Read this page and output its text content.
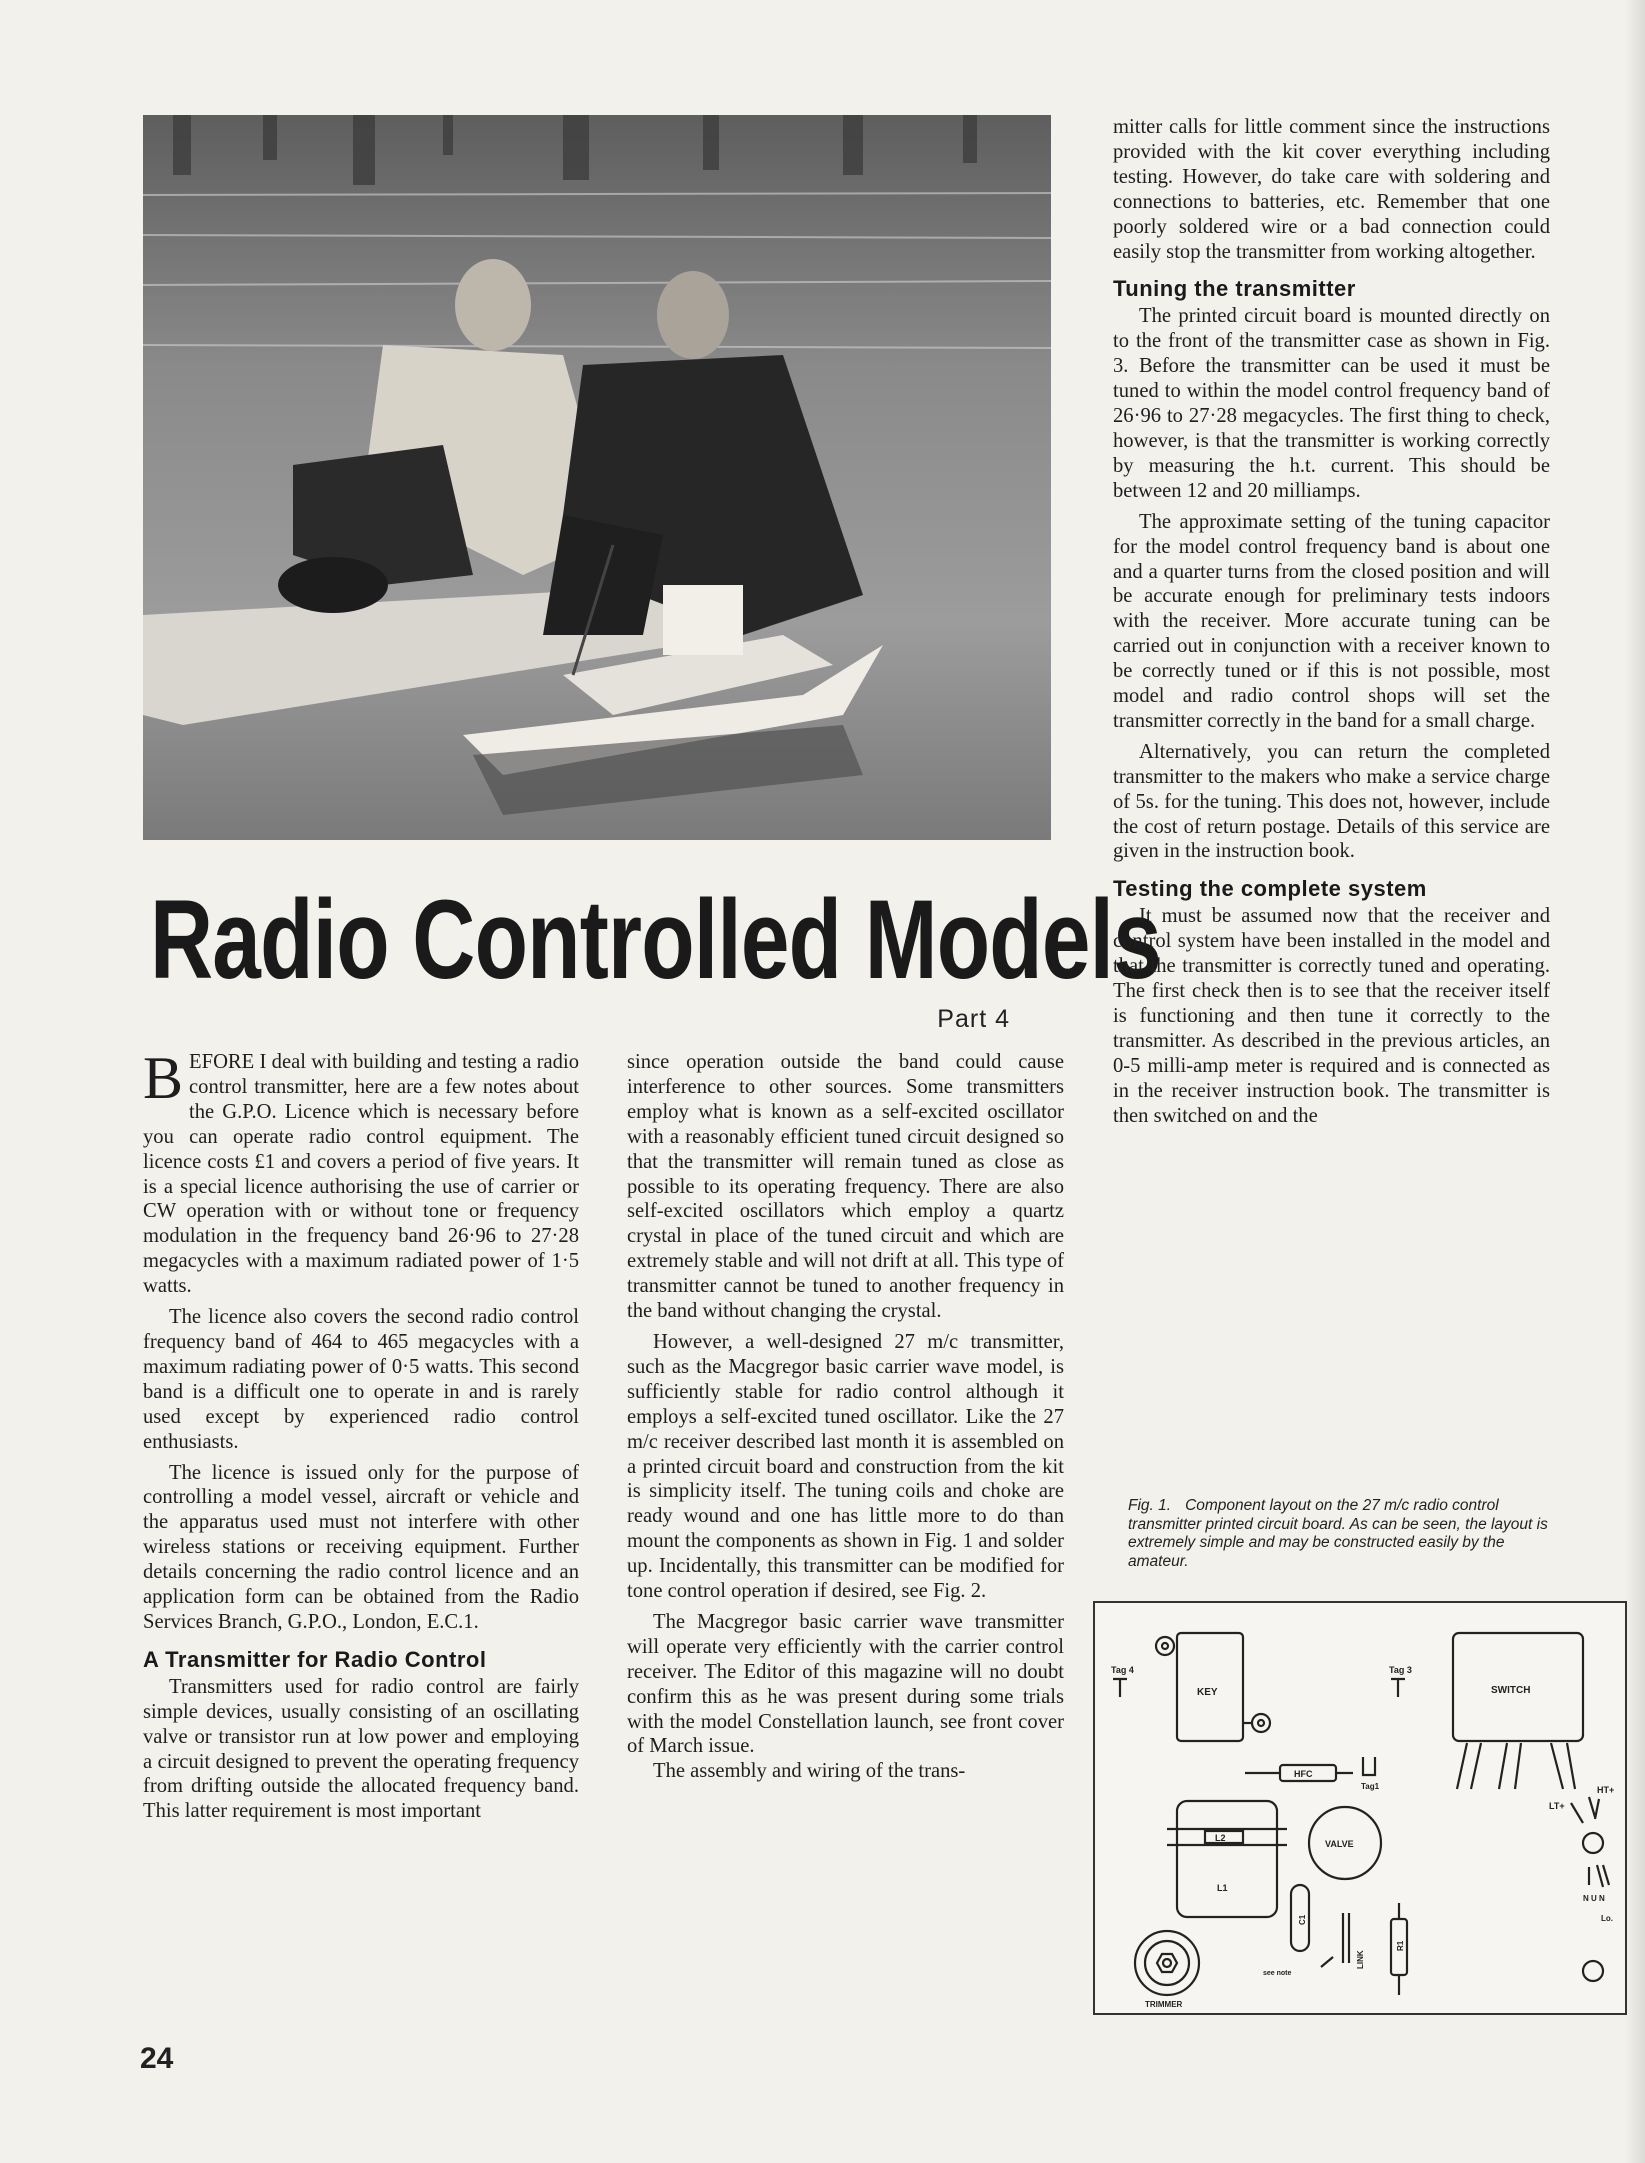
Radio Controlled Models
Part 4

BEFORE I deal with building and testing a radio control transmitter, here are a few notes about the G.P.O. Licence which is necessary before you can operate radio control equipment. The licence costs £1 and covers a period of five years. It is a special licence authorising the use of carrier or CW operation with or without tone or frequency modulation in the frequency band 26·96 to 27·28 megacycles with a maximum radiated power of 1·5 watts.

The licence also covers the second radio control frequency band of 464 to 465 megacycles with a maximum radiating power of 0·5 watts. This second band is a difficult one to operate in and is rarely used except by experienced radio control enthusiasts.

The licence is issued only for the purpose of controlling a model vessel, aircraft or vehicle and the apparatus used must not interfere with other wireless stations or receiving equipment. Further details concerning the radio control licence and an application form can be obtained from the Radio Services Branch, G.P.O., London, E.C.1.

A Transmitter for Radio Control

Transmitters used for radio control are fairly simple devices, usually consisting of an oscillating valve or transistor run at low power and employing a circuit designed to prevent the operating frequency from drifting outside the allocated frequency band. This latter requirement is most important

since operation outside the band could cause interference to other sources. Some transmitters employ what is known as a self-excited oscillator with a reasonably efficient tuned circuit designed so that the transmitter will remain tuned as close as possible to its operating frequency. There are also self-excited oscillators which employ a quartz crystal in place of the tuned circuit and which are extremely stable and will not drift at all. This type of transmitter cannot be tuned to another frequency in the band without changing the crystal.

However, a well-designed 27 m/c transmitter, such as the Macgregor basic carrier wave model, is sufficiently stable for radio control although it employs a self-excited tuned oscillator. Like the 27 m/c receiver described last month it is assembled on a printed circuit board and construction from the kit is simplicity itself. The tuning coils and choke are ready wound and one has little more to do than mount the components as shown in Fig. 1 and solder up. Incidentally, this transmitter can be modified for tone control operation if desired, see Fig. 2.

The Macgregor basic carrier wave transmitter will operate very efficiently with the carrier control receiver. The Editor of this magazine will no doubt confirm this as he was present during some trials with the model Constellation launch, see front cover of March issue.

The assembly and wiring of the trans-

mitter calls for little comment since the instructions provided with the kit cover everything including testing. However, do take care with soldering and connections to batteries, etc. Remember that one poorly soldered wire or a bad connection could easily stop the transmitter from working altogether.

Tuning the transmitter

The printed circuit board is mounted directly on to the front of the transmitter case as shown in Fig. 3. Before the transmitter can be used it must be tuned to within the model control frequency band of 26·96 to 27·28 megacycles. The first thing to check, however, is that the transmitter is working correctly by measuring the h.t. current. This should be between 12 and 20 milliamps.

The approximate setting of the tuning capacitor for the model control frequency band is about one and a quarter turns from the closed position and will be accurate enough for preliminary tests indoors with the receiver. More accurate tuning can be carried out in conjunction with a receiver known to be correctly tuned or if this is not possible, most model and radio control shops will set the transmitter correctly in the band for a small charge.

Alternatively, you can return the completed transmitter to the makers who make a service charge of 5s. for the tuning. This does not, however, include the cost of return postage. Details of this service are given in the instruction book.

Testing the complete system

It must be assumed now that the receiver and control system have been installed in the model and that the transmitter is correctly tuned and operating. The first check then is to see that the receiver itself is functioning and then tune it correctly to the transmitter. As described in the previous articles, an 0-5 milli-amp meter is required and is connected as in the receiver instruction book. The transmitter is then switched on and the

Fig. 1. Component layout on the 27 m/c radio control transmitter printed circuit board. As can be seen, the layout is extremely simple and may be constructed easily by the amateur.

Tag 4
KEY
Tag 3
SWITCH
HFC
Tag1
LT+
HT+
N U N
Lo.
L2
L1
VALVE
C1
LINK
R1
see note
TRIMMER
24
